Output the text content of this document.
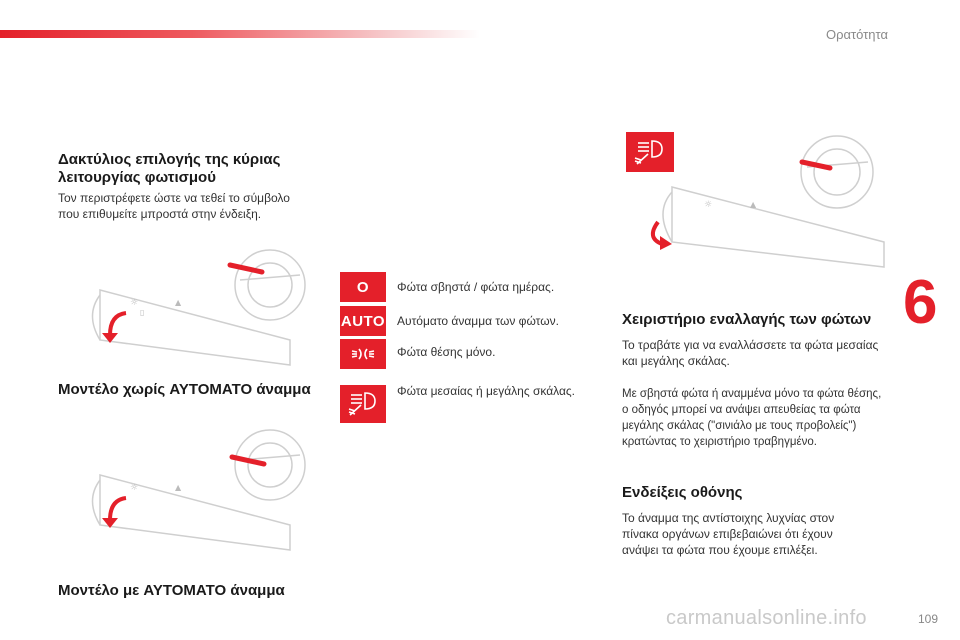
Ορατότητα
6
Δακτύλιος επιλογής της κύριας
λειτουργίας φωτισμού
Τον περιστρέφετε ώστε να τεθεί το σύμβολο
που επιθυμείτε μπροστά στην ένδειξη.
☼
▯
▲
Μοντέλο χωρίς AYTOMATO άναμμα
☼	▲
Μοντέλο με AYTOMATO άναμμα
O Φώτα σβηστά / φώτα ημέρας.
AUTO Αυτόματο άναμμα των φώτων.
Φώτα θέσης μόνο.
Φώτα μεσαίας ή μεγάλης σκάλας.
☼	▲
Χειριστήριο εναλλαγής των φώτων
Το τραβάτε για να εναλλάσσετε τα φώτα μεσαίας
και μεγάλης σκάλας.
Με σβηστά φώτα ή αναμμένα μόνο τα φώτα θέσης,
ο οδηγός μπορεί να ανάψει απευθείας τα φώτα
μεγάλης σκάλας ("σινιάλο με τους προβολείς")
κρατώντας το χειριστήριο τραβηγμένο.
Ενδείξεις οθόνης
Το άναμμα της αντίστοιχης λυχνίας στον
πίνακα οργάνων επιβεβαιώνει ότι έχουν
ανάψει τα φώτα που έχουμε επιλέξει.
carmanualsonline.info	109
